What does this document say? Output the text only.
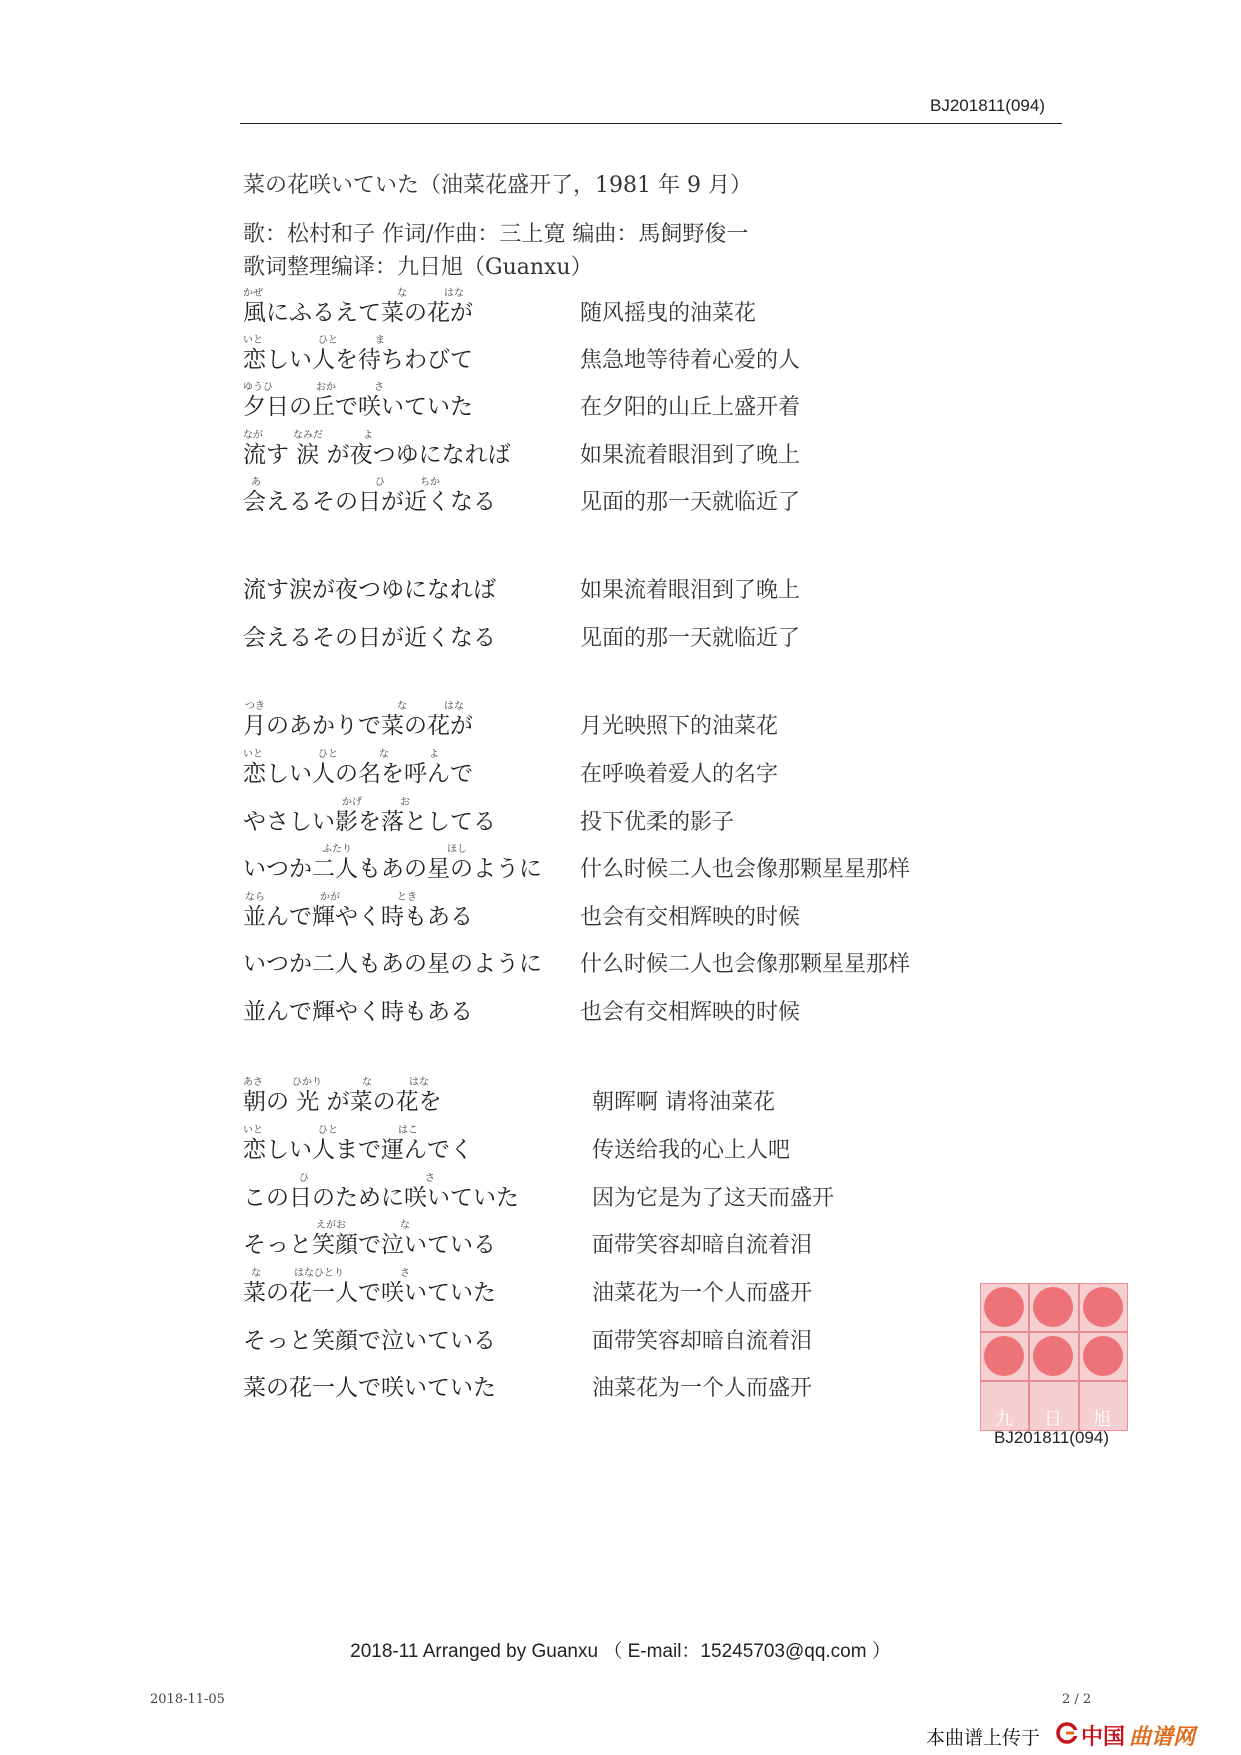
BJ201811(094)
菜の花咲いていた（油菜花盛开了，1981 年 9 月）
歌：松村和子 作词/作曲：三上寛 编曲：馬飼野俊一
歌词整理编译：九日旭（Guanxu）
かぜ	な	はな
風にふるえて菜の花が	随风摇曳的油菜花
いと	ひと	ま
恋しい人を待ちわびて	焦急地等待着心爱的人
ゆうひ	おか	さ
夕日の丘で咲いていた	在夕阳的山丘上盛开着
なが	なみだ	よ
流す 涙 が夜つゆになれば	如果流着眼泪到了晚上
あ	ひ	ちか
会えるその日が近くなる	见面的那一天就临近了
流す涙が夜つゆになれば	如果流着眼泪到了晚上
会えるその日が近くなる	见面的那一天就临近了
つき	な	はな
月のあかりで菜の花が	月光映照下的油菜花
いと	ひと	な	よ
恋しい人の名を呼んで	在呼唤着爱人的名字
かげ	お
やさしい影を落としてる	投下优柔的影子
ふたり	ほし
いつか二人もあの星のように 什么时候二人也会像那颗星星那样
なら	かが	とき
並んで輝やく時もある	也会有交相辉映的时候
いつか二人もあの星のように 什么时候二人也会像那颗星星那样
並んで輝やく時もある	也会有交相辉映的时候
あさ	ひかり	な	はな
朝の 光 が菜の花を	朝晖啊 请将油菜花
いと	ひと	はこ
恋しい人まで運んでく	传送给我的心上人吧
ひ	さ
この日のために咲いていた	因为它是为了这天而盛开
えがお	な
そっと笑顔で泣いている	面带笑容却暗自流着泪
な	はなひとり	さ
菜の花一人で咲いていた	油菜花为一个人而盛开
そっと笑顔で泣いている	面带笑容却暗自流着泪
菜の花一人で咲いていた	油菜花为一个人而盛开
九 日 旭
BJ201811(094)
2018-11 Arranged by Guanxu （ E-mail：15245703@qq.com ）
2018-11-05	2 / 2
本曲谱上传于 中国 曲谱网
